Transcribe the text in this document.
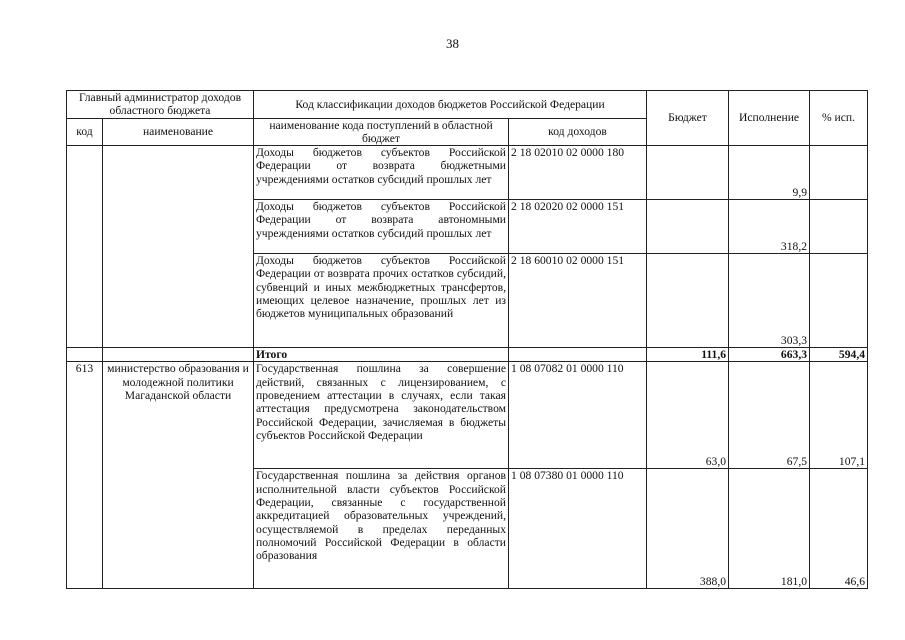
38
Главный администратор доходов областного бюджета		Код классификации доходов бюджетов Российской Федерации		Бюджет	Исполнение	% исп.
код	наименование	наименование кода поступлений в областной бюджет	код доходов			
		Доходы бюджетов субъектов Российской Федерации от возврата бюджетными учреждениями остатков субсидий прошлых лет	2 18 02010 02 0000 180		9,9	
		Доходы бюджетов субъектов Российской Федерации от возврата автономными учреждениями остатков субсидий прошлых лет	2 18 02020 02 0000 151		318,2	
		Доходы бюджетов субъектов Российской Федерации от возврата прочих остатков субсидий, субвенций и иных межбюджетных трансфертов, имеющих целевое назначение, прошлых лет из бюджетов муниципальных образований	2 18 60010 02 0000 151		303,3	
		Итого		111,6	663,3	594,4
613	министерство образования и молодежной политики Магаданской области	Государственная пошлина за совершение действий, связанных с лицензированием, с проведением аттестации в случаях, если такая аттестация предусмотрена законодательством Российской Федерации, зачисляемая в бюджеты субъектов Российской Федерации	1 08 07082 01 0000 110	63,0	67,5	107,1
		Государственная пошлина за действия органов исполнительной власти субъектов Российской Федерации, связанные с государственной аккредитацией образовательных учреждений, осуществляемой в пределах переданных полномочий Российской Федерации в области образования	1 08 07380 01 0000 110	388,0	181,0	46,6
